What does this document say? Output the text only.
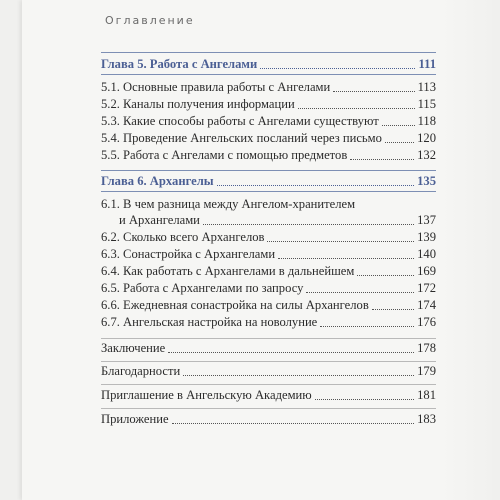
Оглавление
Глава 5. Работа с Ангелами	111
5.1. Основные правила работы с Ангелами	113
5.2. Каналы получения информации	115
5.3. Какие способы работы с Ангелами существуют	118
5.4. Проведение Ангельских посланий через письмо	120
5.5. Работа с Ангелами с помощью предметов	132
Глава 6. Архангелы	135
6.1. В чем разница между Ангелом-хранителем
и Архангелами	137
6.2. Сколько всего Архангелов	139
6.3. Сонастройка с Архангелами	140
6.4. Как работать с Архангелами в дальнейшем	169
6.5. Работа с Архангелами по запросу	172
6.6. Ежедневная сонастройка на силы Архангелов	174
6.7. Ангельская настройка на новолуние	176
Заключение	178
Благодарности	179
Приглашение в Ангельскую Академию	181
Приложение	183
